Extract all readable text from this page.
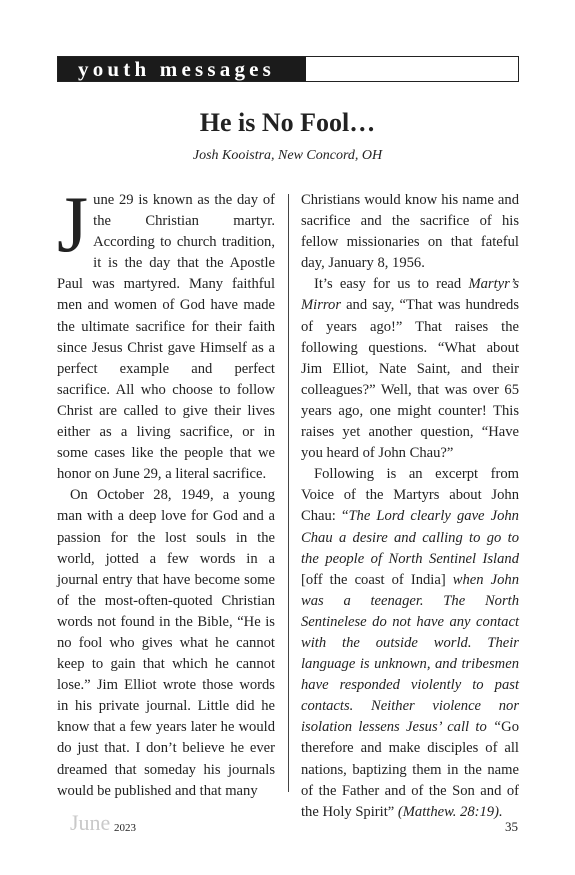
youth messages
He is No Fool…
Josh Kooistra, New Concord, OH

June 29 is known as the day of the Christian martyr. According to church tradition, it is the day that the Apostle Paul was martyred. Many faithful men and women of God have made the ultimate sacrifice for their faith since Jesus Christ gave Himself as a perfect example and perfect sacrifice. All who choose to follow Christ are called to give their lives either as a living sacrifice, or in some cases like the people that we honor on June 29, a literal sacrifice.

On October 28, 1949, a young man with a deep love for God and a passion for the lost souls in the world, jotted a few words in a journal entry that have become some of the most-often-quoted Christian words not found in the Bible, “He is no fool who gives what he cannot keep to gain that which he cannot lose.” Jim Elliot wrote those words in his private journal. Little did he know that a few years later he would do just that. I don’t believe he ever dreamed that someday his journals would be published and that many

Christians would know his name and sacrifice and the sacrifice of his fellow missionaries on that fateful day, January 8, 1956.

It’s easy for us to read Martyr’s Mirror and say, “That was hundreds of years ago!” That raises the following questions. “What about Jim Elliot, Nate Saint, and their colleagues?” Well, that was over 65 years ago, one might counter! This raises yet another question, “Have you heard of John Chau?”

Following is an excerpt from Voice of the Martyrs about John Chau: “The Lord clearly gave John Chau a desire and calling to go to the people of North Sentinel Island [off the coast of India] when John was a teenager. The North Sentinelese do not have any contact with the outside world. Their language is unknown, and tribesmen have responded violently to past contacts. Neither violence nor isolation lessens Jesus’ call to “Go therefore and make disciples of all nations, baptizing them in the name of the Father and of the Son and of the Holy Spirit” (Matthew. 28:19).

June 2023	35
